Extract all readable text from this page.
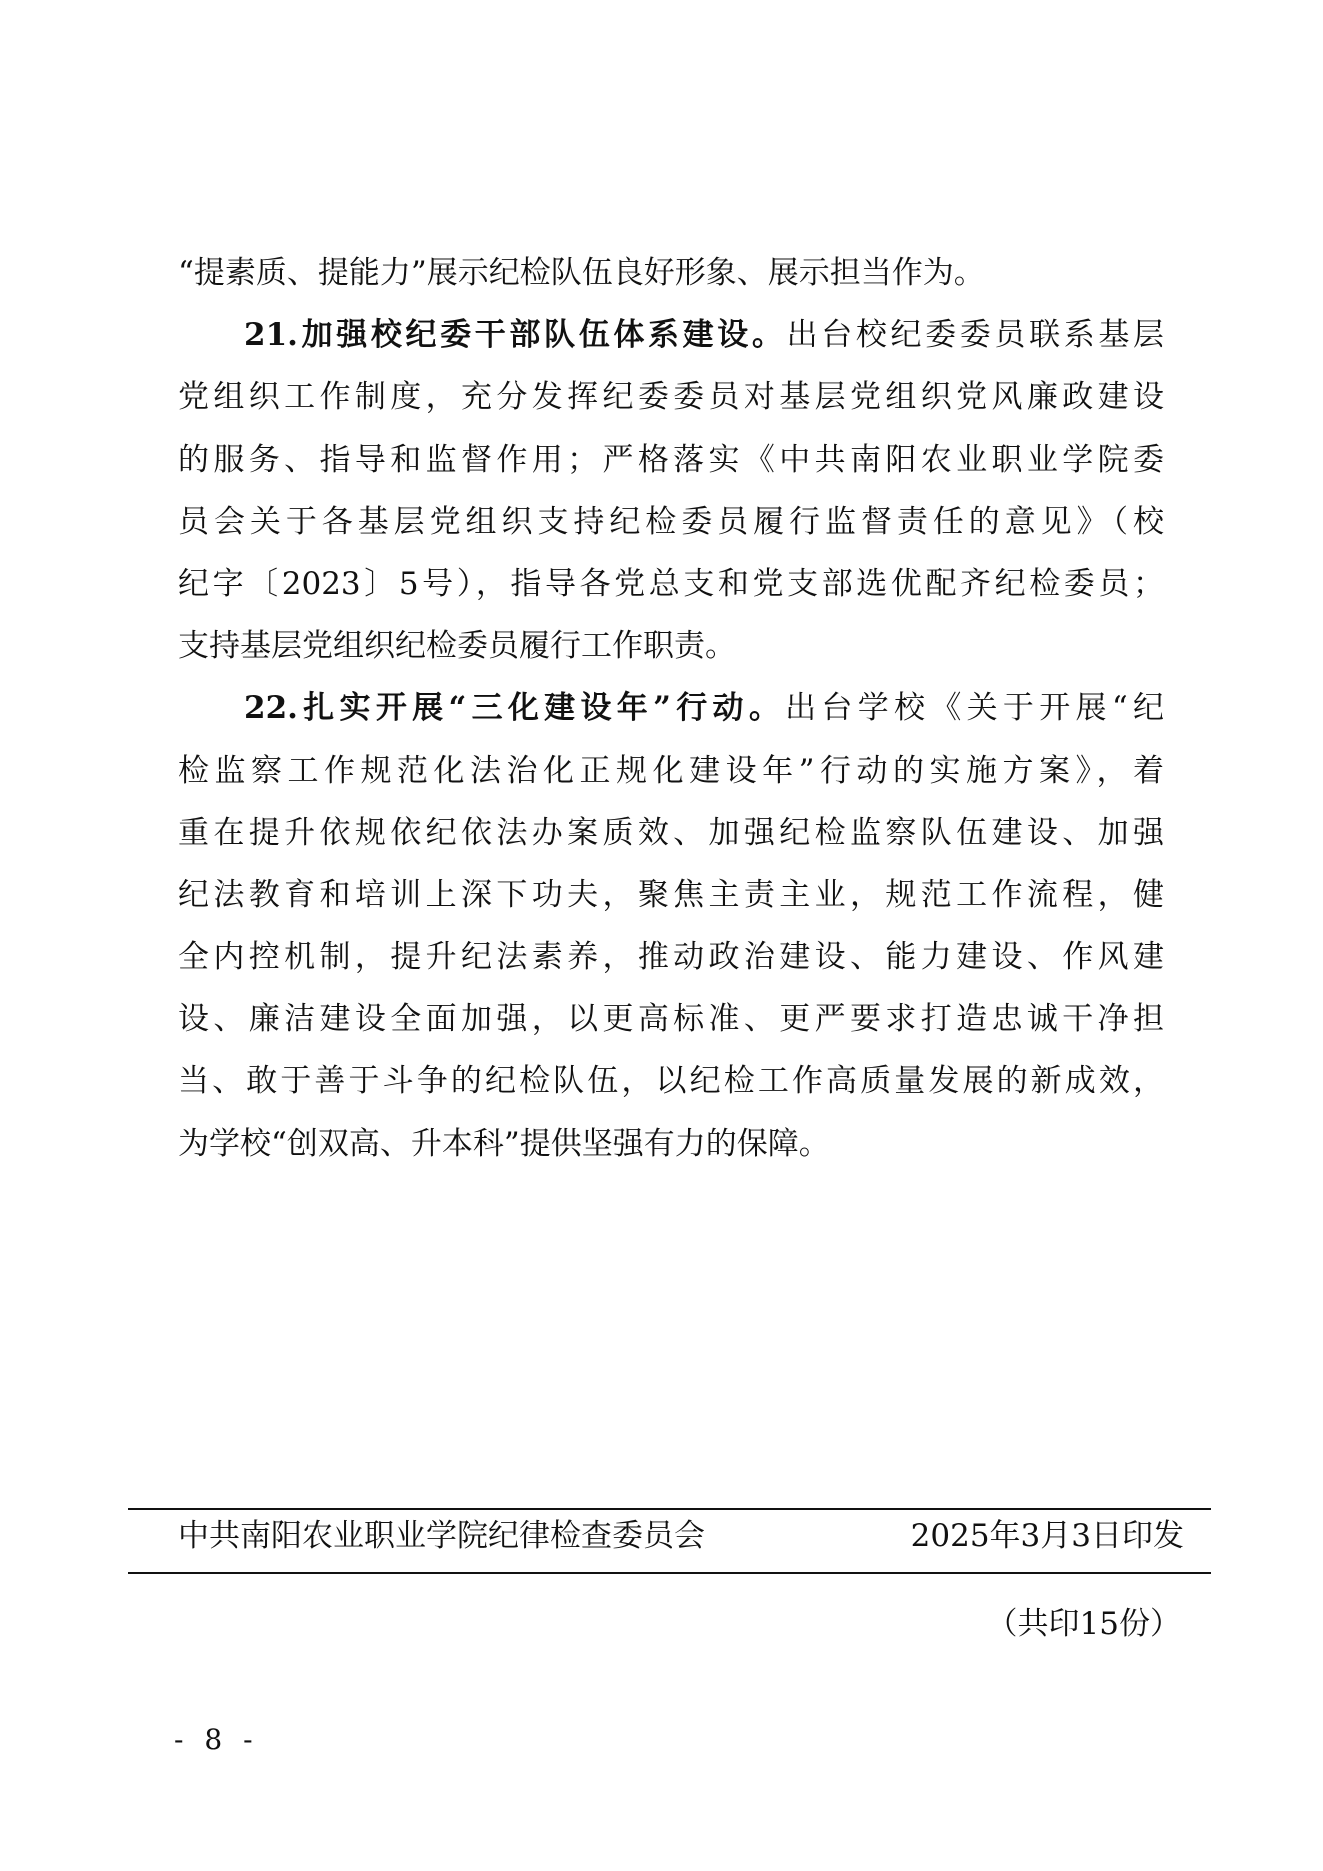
“提素质、提能力”展示纪检队伍良好形象、展示担当作为。
21.加强校纪委干部队伍体系建设。出台校纪委委员联系基层
党组织工作制度，充分发挥纪委委员对基层党组织党风廉政建设
的服务、指导和监督作用；严格落实《中共南阳农业职业学院委
员会关于各基层党组织支持纪检委员履行监督责任的意见》（校
纪字〔2023〕5号），指导各党总支和党支部选优配齐纪检委员；
支持基层党组织纪检委员履行工作职责。
22.扎实开展“三化建设年”行动。出台学校《关于开展“纪
检监察工作规范化法治化正规化建设年”行动的实施方案》，着
重在提升依规依纪依法办案质效、加强纪检监察队伍建设、加强
纪法教育和培训上深下功夫，聚焦主责主业，规范工作流程，健
全内控机制，提升纪法素养，推动政治建设、能力建设、作风建
设、廉洁建设全面加强，以更高标准、更严要求打造忠诚干净担
当、敢于善于斗争的纪检队伍，以纪检工作高质量发展的新成效，
为学校“创双高、升本科”提供坚强有力的保障。
中共南阳农业职业学院纪律检查委员会	2025年3月3日印发
（共印15份）
- 8 -
